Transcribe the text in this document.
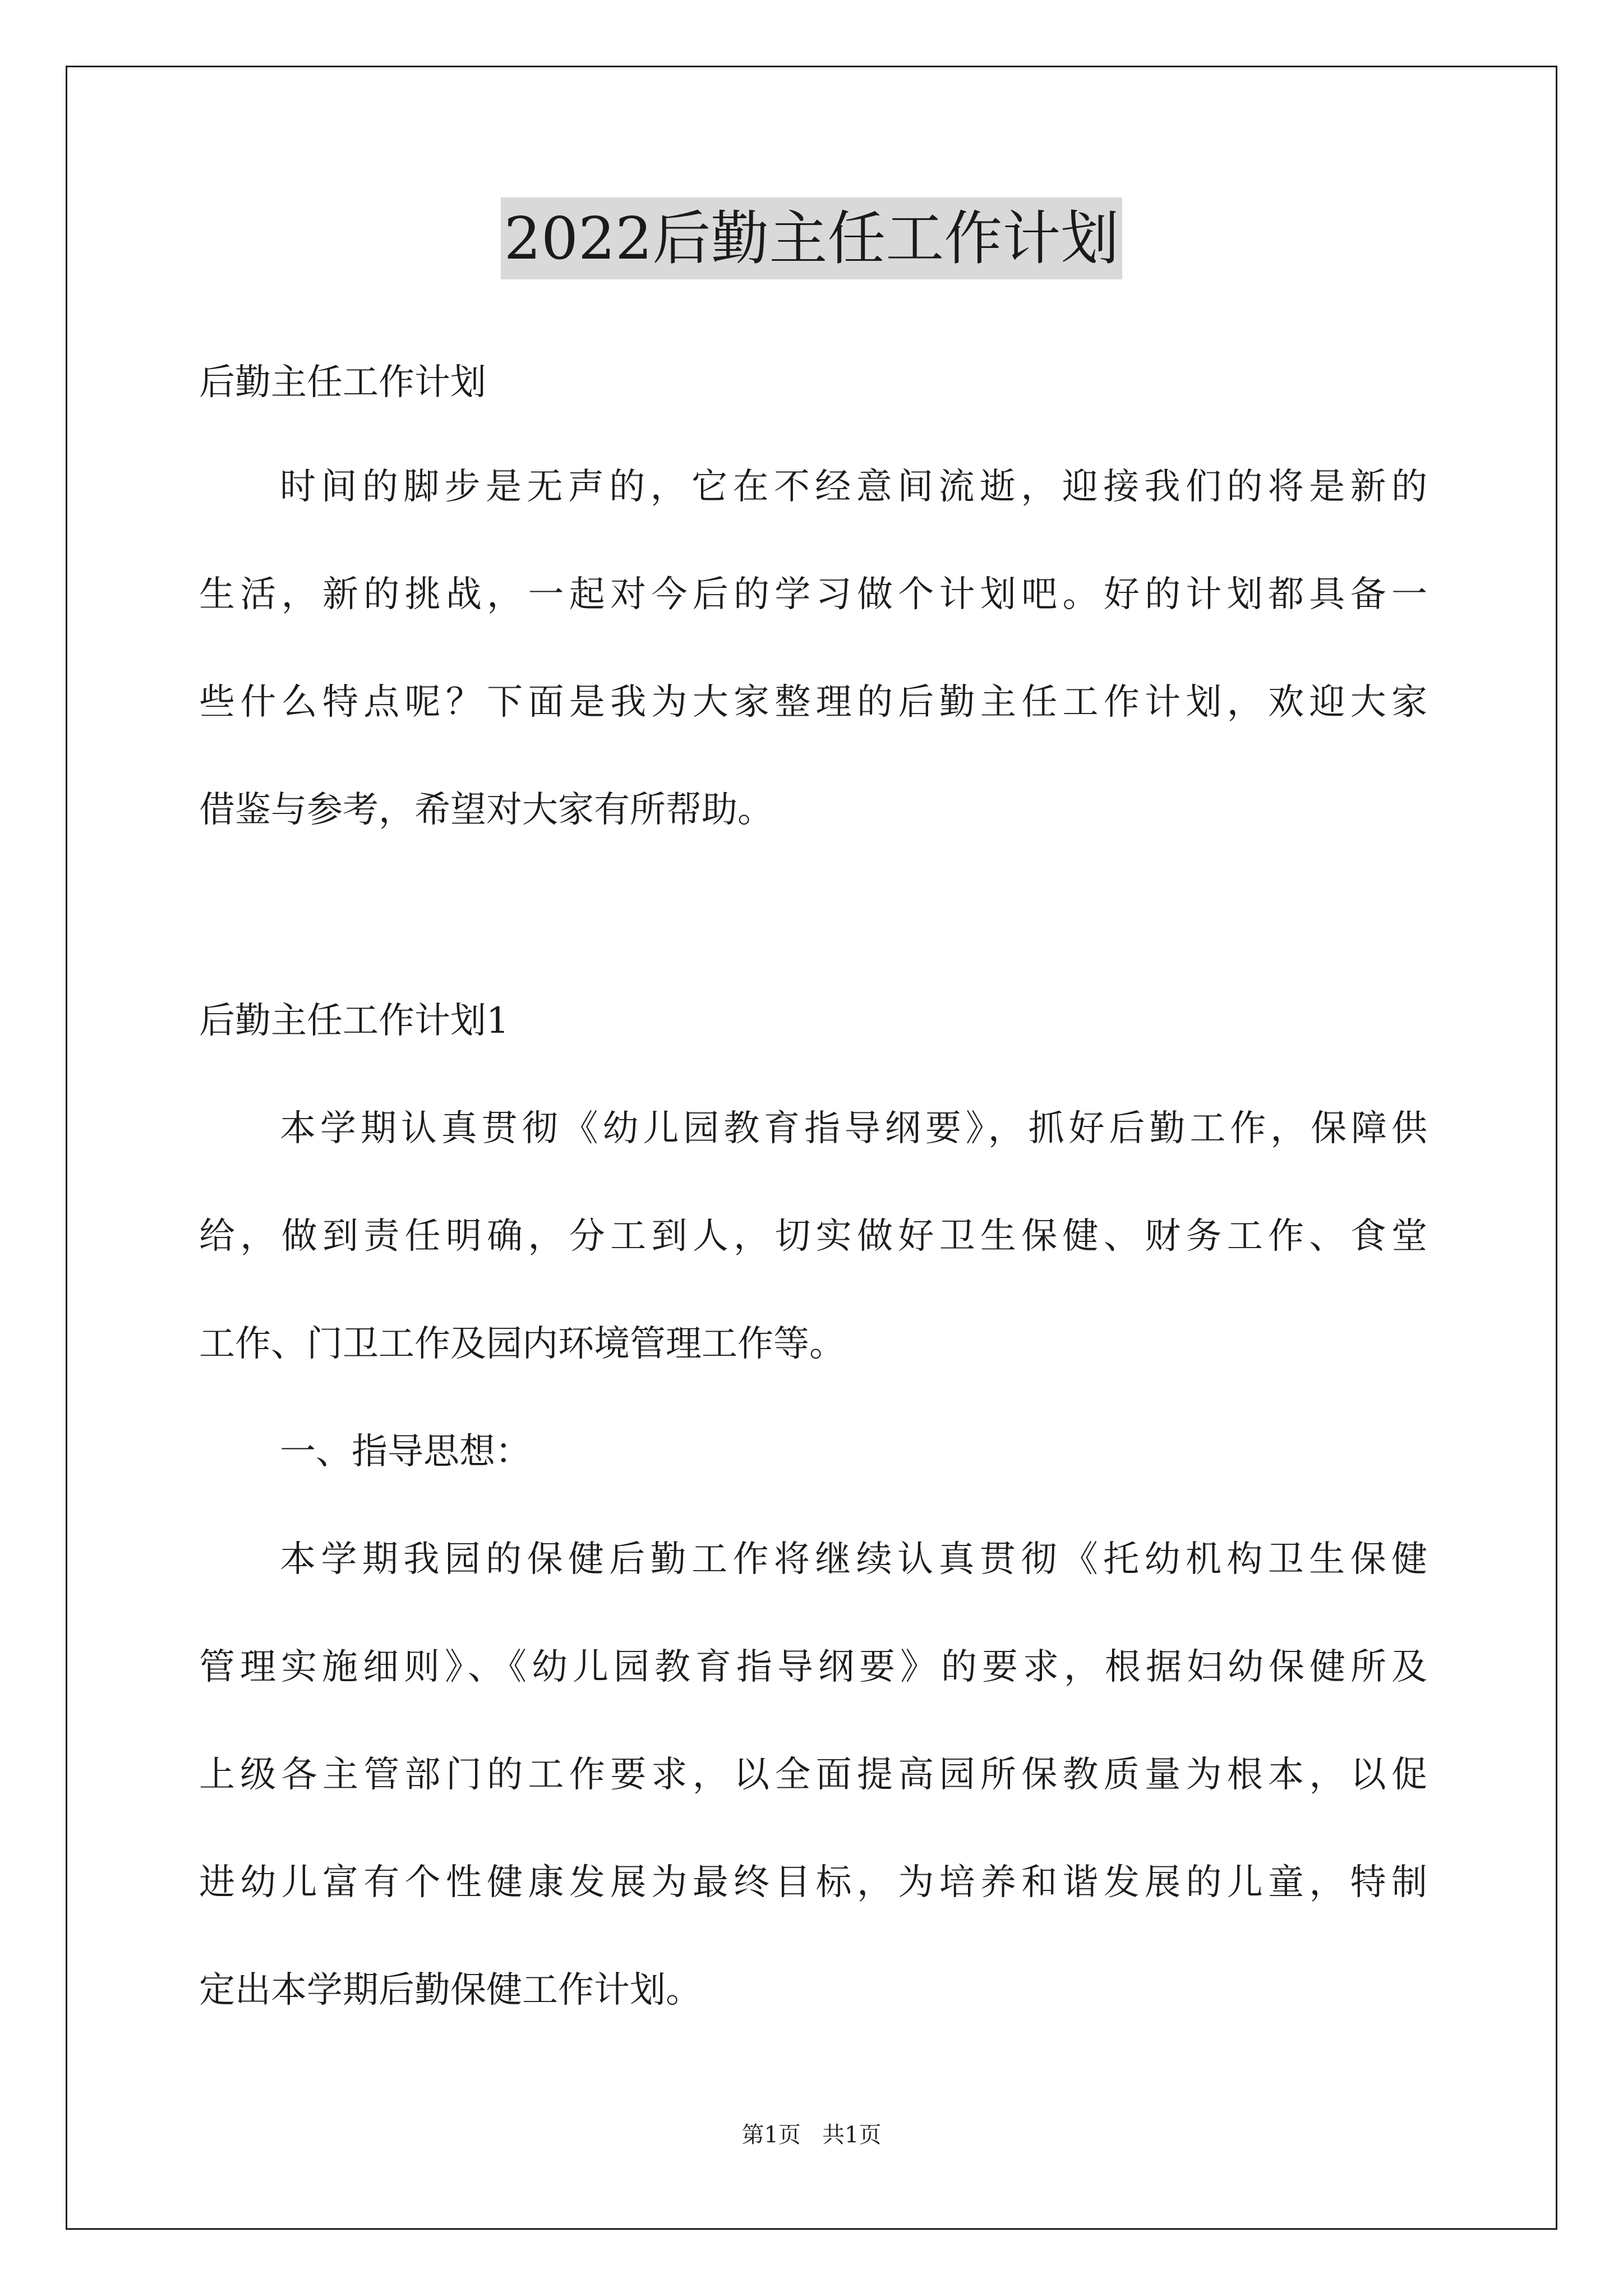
2022后勤主任工作计划
后勤主任工作计划
时间的脚步是无声的，它在不经意间流逝，迎接我们的将是新的
生活，新的挑战，一起对今后的学习做个计划吧。好的计划都具备一
些什么特点呢？下面是我为大家整理的后勤主任工作计划，欢迎大家
借鉴与参考，希望对大家有所帮助。
后勤主任工作计划1
本学期认真贯彻《幼儿园教育指导纲要》，抓好后勤工作，保障供
给，做到责任明确，分工到人，切实做好卫生保健、财务工作、食堂
工作、门卫工作及园内环境管理工作等。
一、指导思想：
本学期我园的保健后勤工作将继续认真贯彻《托幼机构卫生保健
管理实施细则》、《幼儿园教育指导纲要》的要求，根据妇幼保健所及
上级各主管部门的工作要求，以全面提高园所保教质量为根本，以促
进幼儿富有个性健康发展为最终目标，为培养和谐发展的儿童，特制
定出本学期后勤保健工作计划。
第1页   共1页
